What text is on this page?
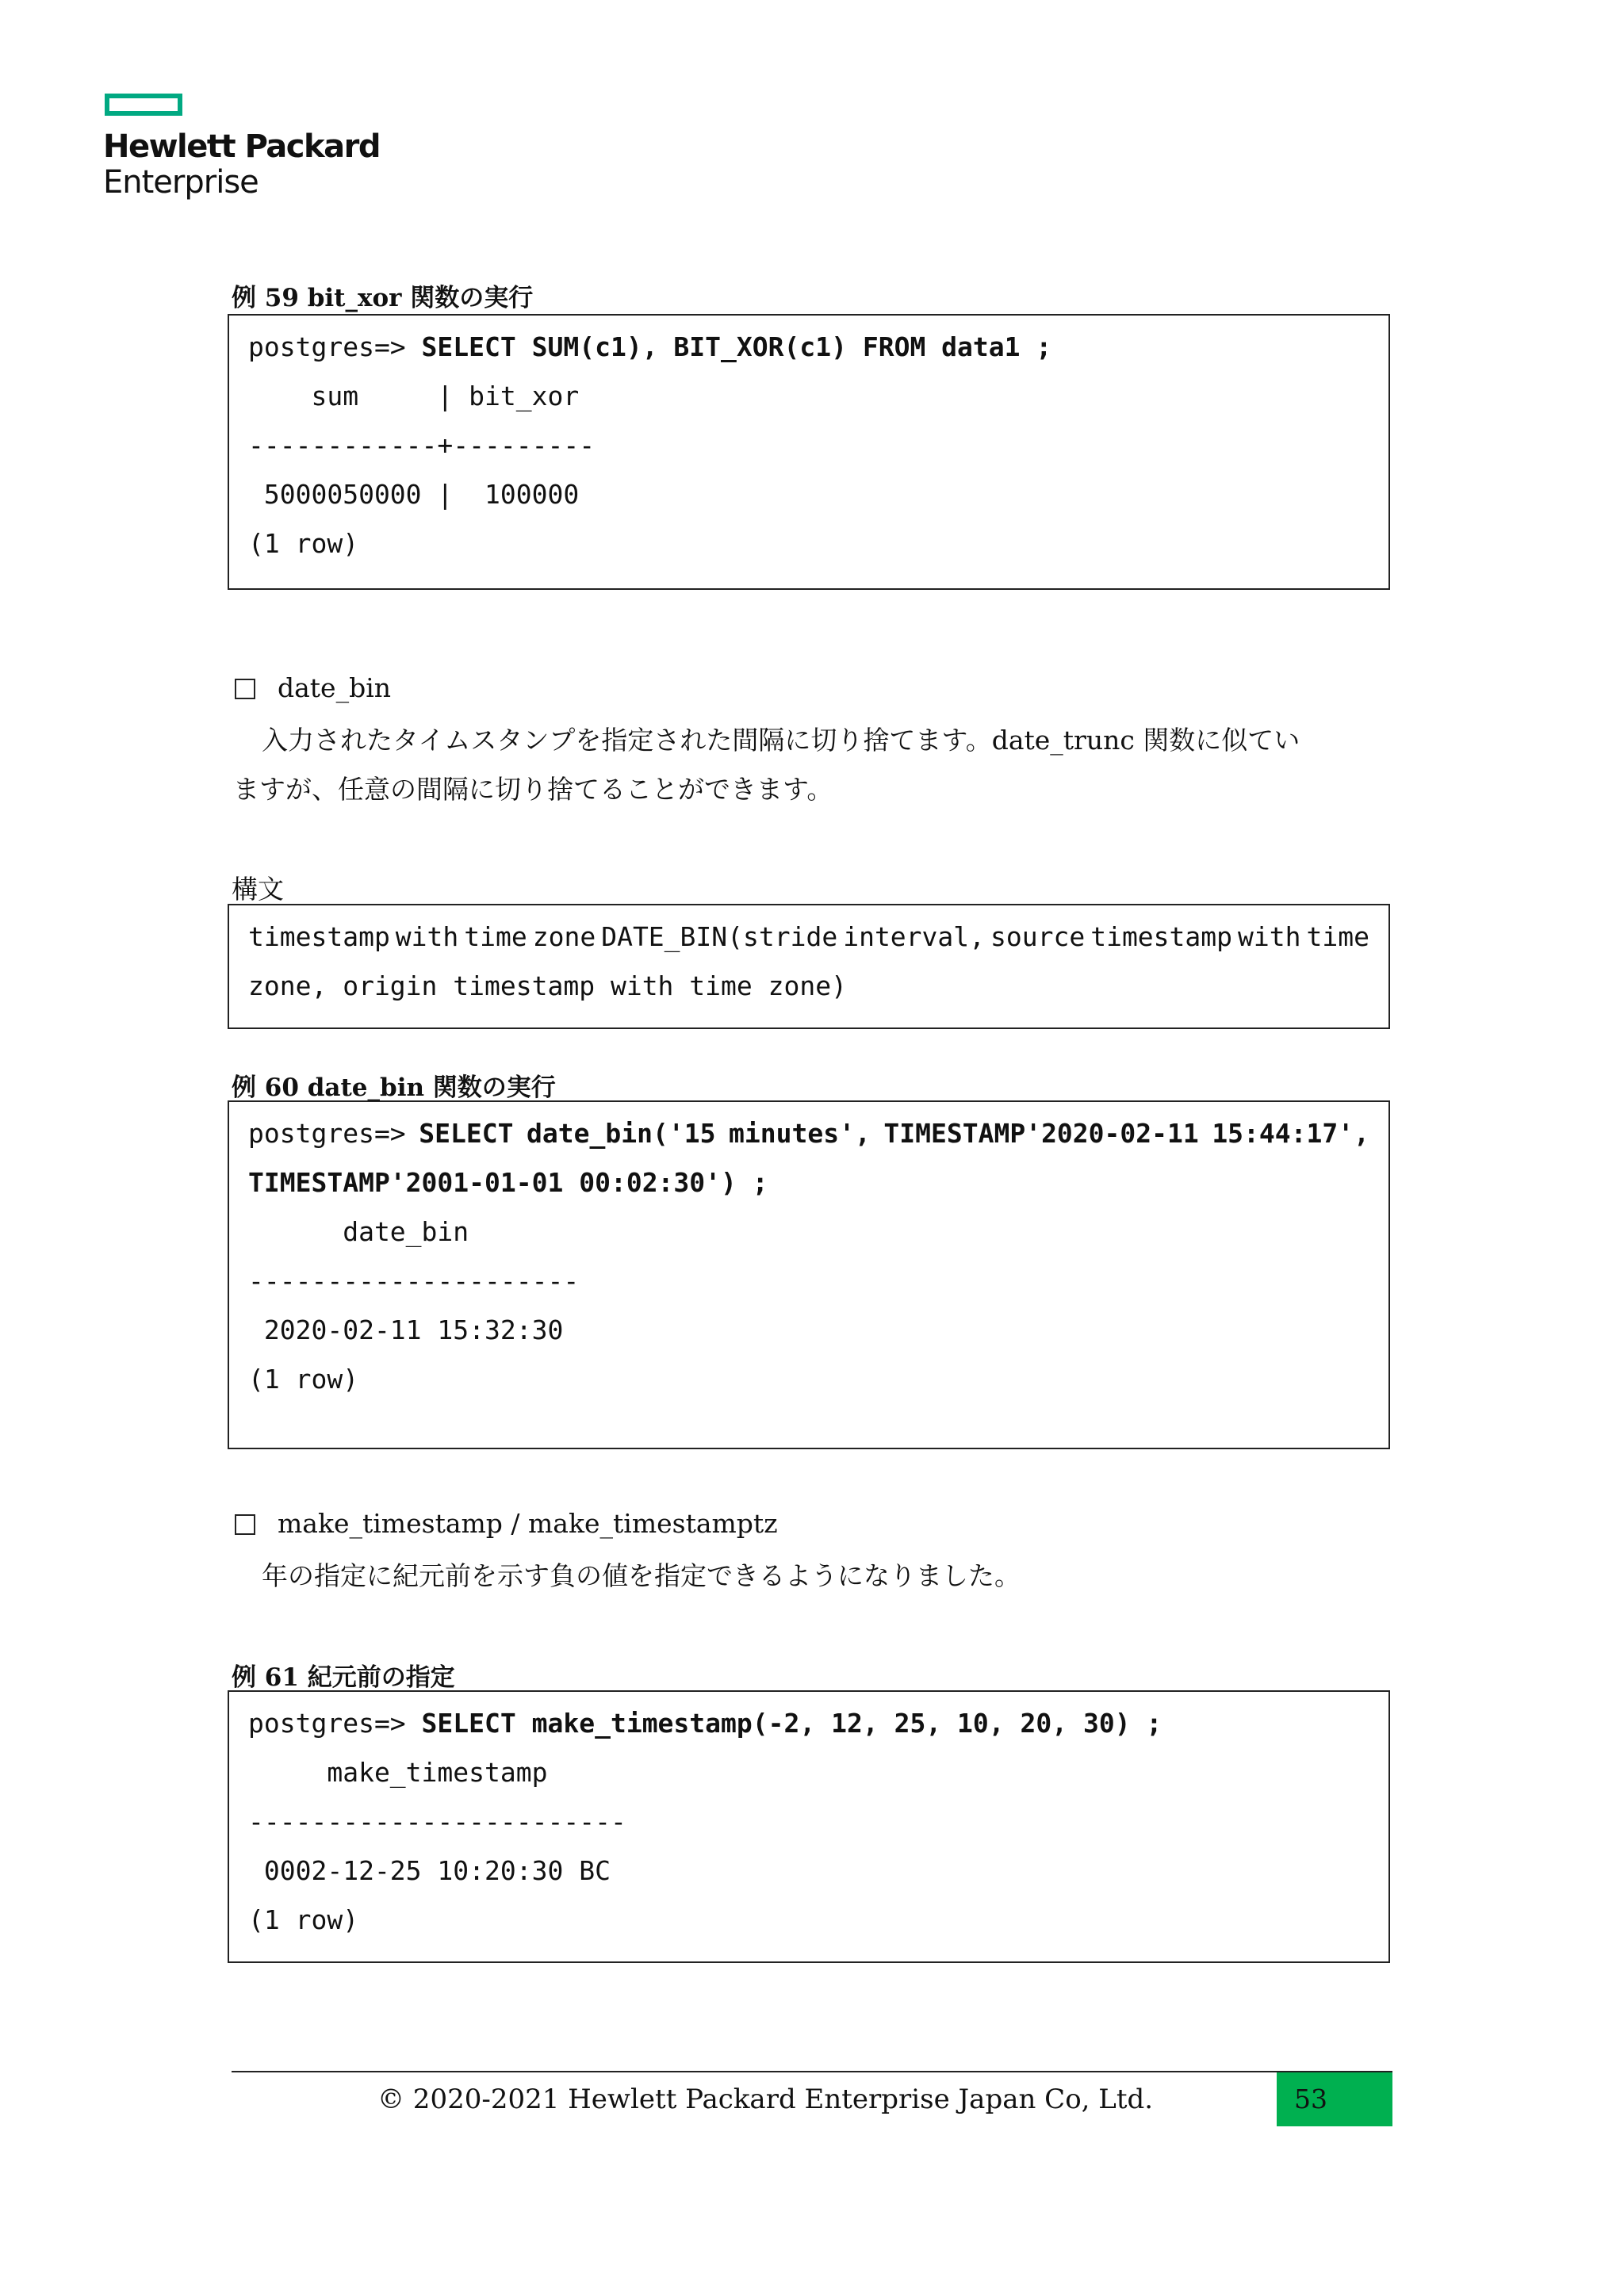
Hewlett Packard
Enterprise
例 59 bit_xor 関数の実行
postgres=> SELECT SUM(c1), BIT_XOR(c1) FROM data1 ;
sum     | bit_xor
------------+---------
5000050000 |  100000
(1 row)
date_bin
入力されたタイムスタンプを指定された間隔に切り捨てます。date_trunc 関数に似てい
ますが、任意の間隔に切り捨てることができます。
構文
timestamp with time zone DATE_BIN(stride interval, source timestamp with time
zone, origin timestamp with time zone)
例 60 date_bin 関数の実行
postgres=> SELECT date_bin('15 minutes', TIMESTAMP'2020-02-11 15:44:17',
TIMESTAMP'2001-01-01 00:02:30') ;
date_bin
---------------------
2020-02-11 15:32:30
(1 row)
make_timestamp / make_timestamptz
年の指定に紀元前を示す負の値を指定できるようになりました。
例 61 紀元前の指定
postgres=> SELECT make_timestamp(-2, 12, 25, 10, 20, 30) ;
make_timestamp
------------------------
0002-12-25 10:20:30 BC
(1 row)
© 2020-2021 Hewlett Packard Enterprise Japan Co, Ltd.	53
